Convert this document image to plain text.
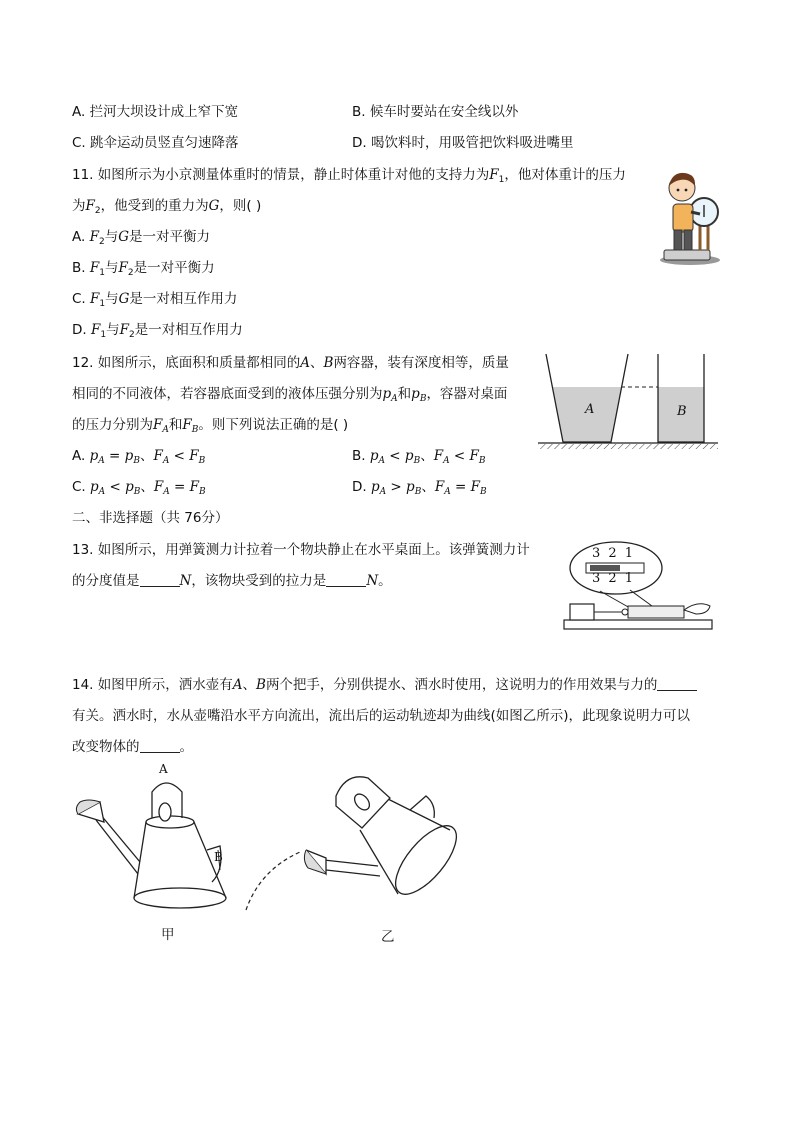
A. 拦河大坝设计成上窄下宽	B. 候车时要站在安全线以外
C. 跳伞运动员竖直匀速降落	D. 喝饮料时，用吸管把饮料吸进嘴里
11. 如图所示为小京测量体重时的情景，静止时体重计对他的支持力为$F_1$，他对体重计的压力
为$F_2$，他受到的重力为G，则( )
A. $F_2$与G是一对平衡力
B. $F_1$与$F_2$是一对平衡力
C. $F_1$与G是一对相互作用力
D. $F_1$与$F_2$是一对相互作用力
12. 如图所示，底面积和质量都相同的A、B两容器，装有深度相等，质量
相同的不同液体，若容器底面受到的液体压强分别为$p_A$和$p_B$，容器对桌面
的压力分别为$F_A$和$F_B$。则下列说法正确的是( )
A. $p_A = p_B$、$F_A < F_B$	B. $p_A < p_B$、$F_A < F_B$
C. $p_A < p_B$、$F_A = F_B$	D. $p_A > p_B$、$F_A = F_B$
A	B
二、非选择题（共 76分）
13. 如图所示，用弹簧测力计拉着一个物块静止在水平桌面上。该弹簧测力计
的分度值是	N，该物块受到的拉力是	N。
3 2 1
3 2 1
14. 如图甲所示，洒水壶有A、B两个把手，分别供提水、洒水时使用，这说明力的作用效果与力的
有关。洒水时，水从壶嘴沿水平方向流出，流出后的运动轨迹却为曲线(如图乙所示)，此现象说明力可以
改变物体的	。
A
B
甲	乙
